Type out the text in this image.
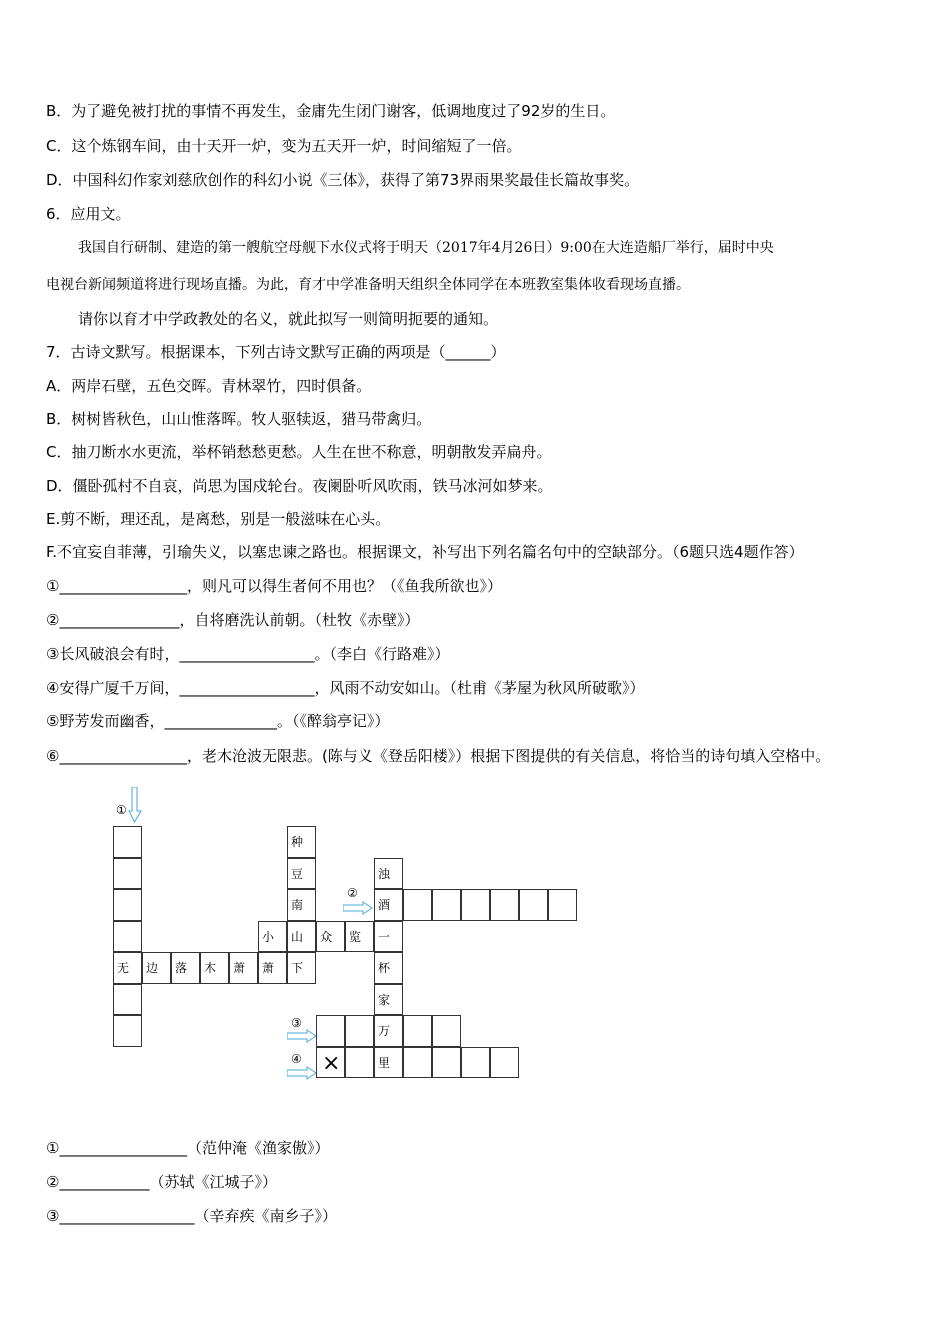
B．为了避免被打扰的事情不再发生，金庸先生闭门谢客，低调地度过了92岁的生日。
C．这个炼钢车间，由十天开一炉，变为五天开一炉，时间缩短了一倍。
D．中国科幻作家刘慈欣创作的科幻小说《三体》，获得了第73界雨果奖最佳长篇故事奖。
6．应用文。
我国自行研制、建造的第一艘航空母舰下水仪式将于明天（2017年4月26日）9:00在大连造船厂举行，届时中央
电视台新闻频道将进行现场直播。为此，育才中学准备明天组织全体同学在本班教室集体收看现场直播。
请你以育才中学政教处的名义，就此拟写一则简明扼要的通知。
7．古诗文默写。根据课本，下列古诗文默写正确的两项是（______）
A．两岸石壁，五色交晖。青林翠竹，四时俱备。
B．树树皆秋色，山山惟落晖。牧人驱犊返，猎马带禽归。
C．抽刀断水水更流，举杯销愁愁更愁。人生在世不称意，明朝散发弄扁舟。
D．僵卧孤村不自哀，尚思为国戍轮台。夜阑卧听风吹雨，铁马冰河如梦来。
E.剪不断，理还乱，是离愁，别是一般滋味在心头。
F.不宜妄自菲薄，引瑜失义，以塞忠谏之路也。根据课文，补写出下列名篇名句中的空缺部分。（6题只选4题作答）
①_________________，则凡可以得生者何不用也？（《鱼我所欲也》）
②________________，自将磨洗认前朝。（杜牧《赤壁》）
③长风破浪会有时，__________________。（李白《行路难》）
④安得广厦千万间，__________________，风雨不动安如山。（杜甫《茅屋为秋风所破歌》）
⑤野芳发而幽香，_______________。（《醉翁亭记》）
⑥_________________，老木沧波无限悲。(陈与义《登岳阳楼》）根据下图提供的有关信息，将恰当的诗句填入空格中。
①
②
③
④
无	边	落	木	萧	萧	下
种
豆
南
小	山	众	览	一
浊
酒
杯
家
万
里
×
①_________________（范仲淹《渔家傲》）
②____________（苏轼《江城子》）
③__________________（辛弃疾《南乡子》）
